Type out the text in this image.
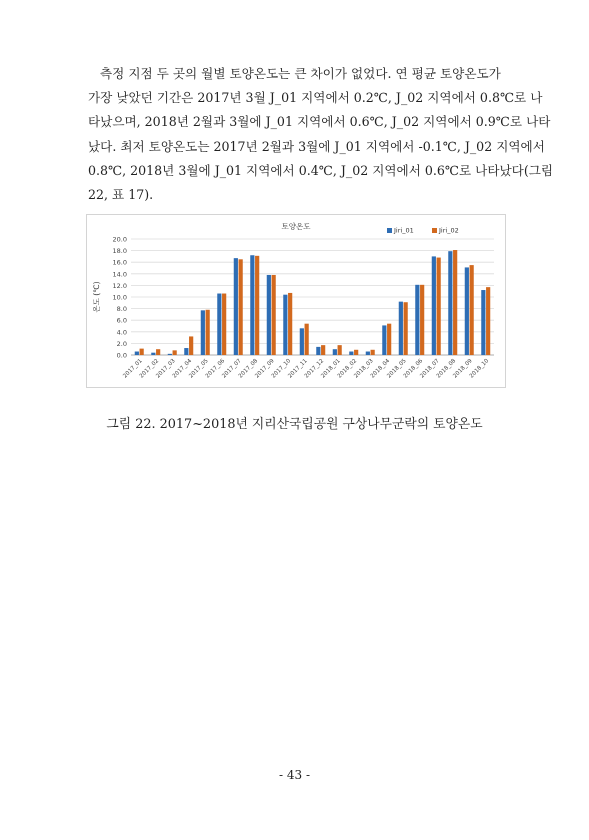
측정 지점 두 곳의 월별 토양온도는 큰 차이가 없었다. 연 평균 토양온도가
가장 낮았던 기간은 2017년 3월 J_01 지역에서 0.2℃, J_02 지역에서 0.8℃로 나
타났으며, 2018년 2월과 3월에 J_01 지역에서 0.6℃, J_02 지역에서 0.9℃로 나타
났다. 최저 토양온도는 2017년 2월과 3월에 J_01 지역에서 -0.1℃, J_02 지역에서
0.8℃, 2018년 3월에 J_01 지역에서 0.4℃, J_02 지역에서 0.6℃로 나타났다(그림
22, 표 17).
0.0
2.0
4.0
6.0
8.0
10.0
12.0
14.0
16.0
18.0
20.0
토양온도
온도 (℃)
2017_01
2017_02
2017_03
2017_04
2017_05
2017_06
2017_07
2017_08
2017_09
2017_10
2017_11
2017_12
2018_01
2018_02
2018_03
2018_04
2018_05
2018_06
2018_07
2018_08
2018_09
2018_10
Jiri_01	Jiri_02

그림 22. 2017~2018년 지리산국립공원 구상나무군락의 토양온도

- 43 -
